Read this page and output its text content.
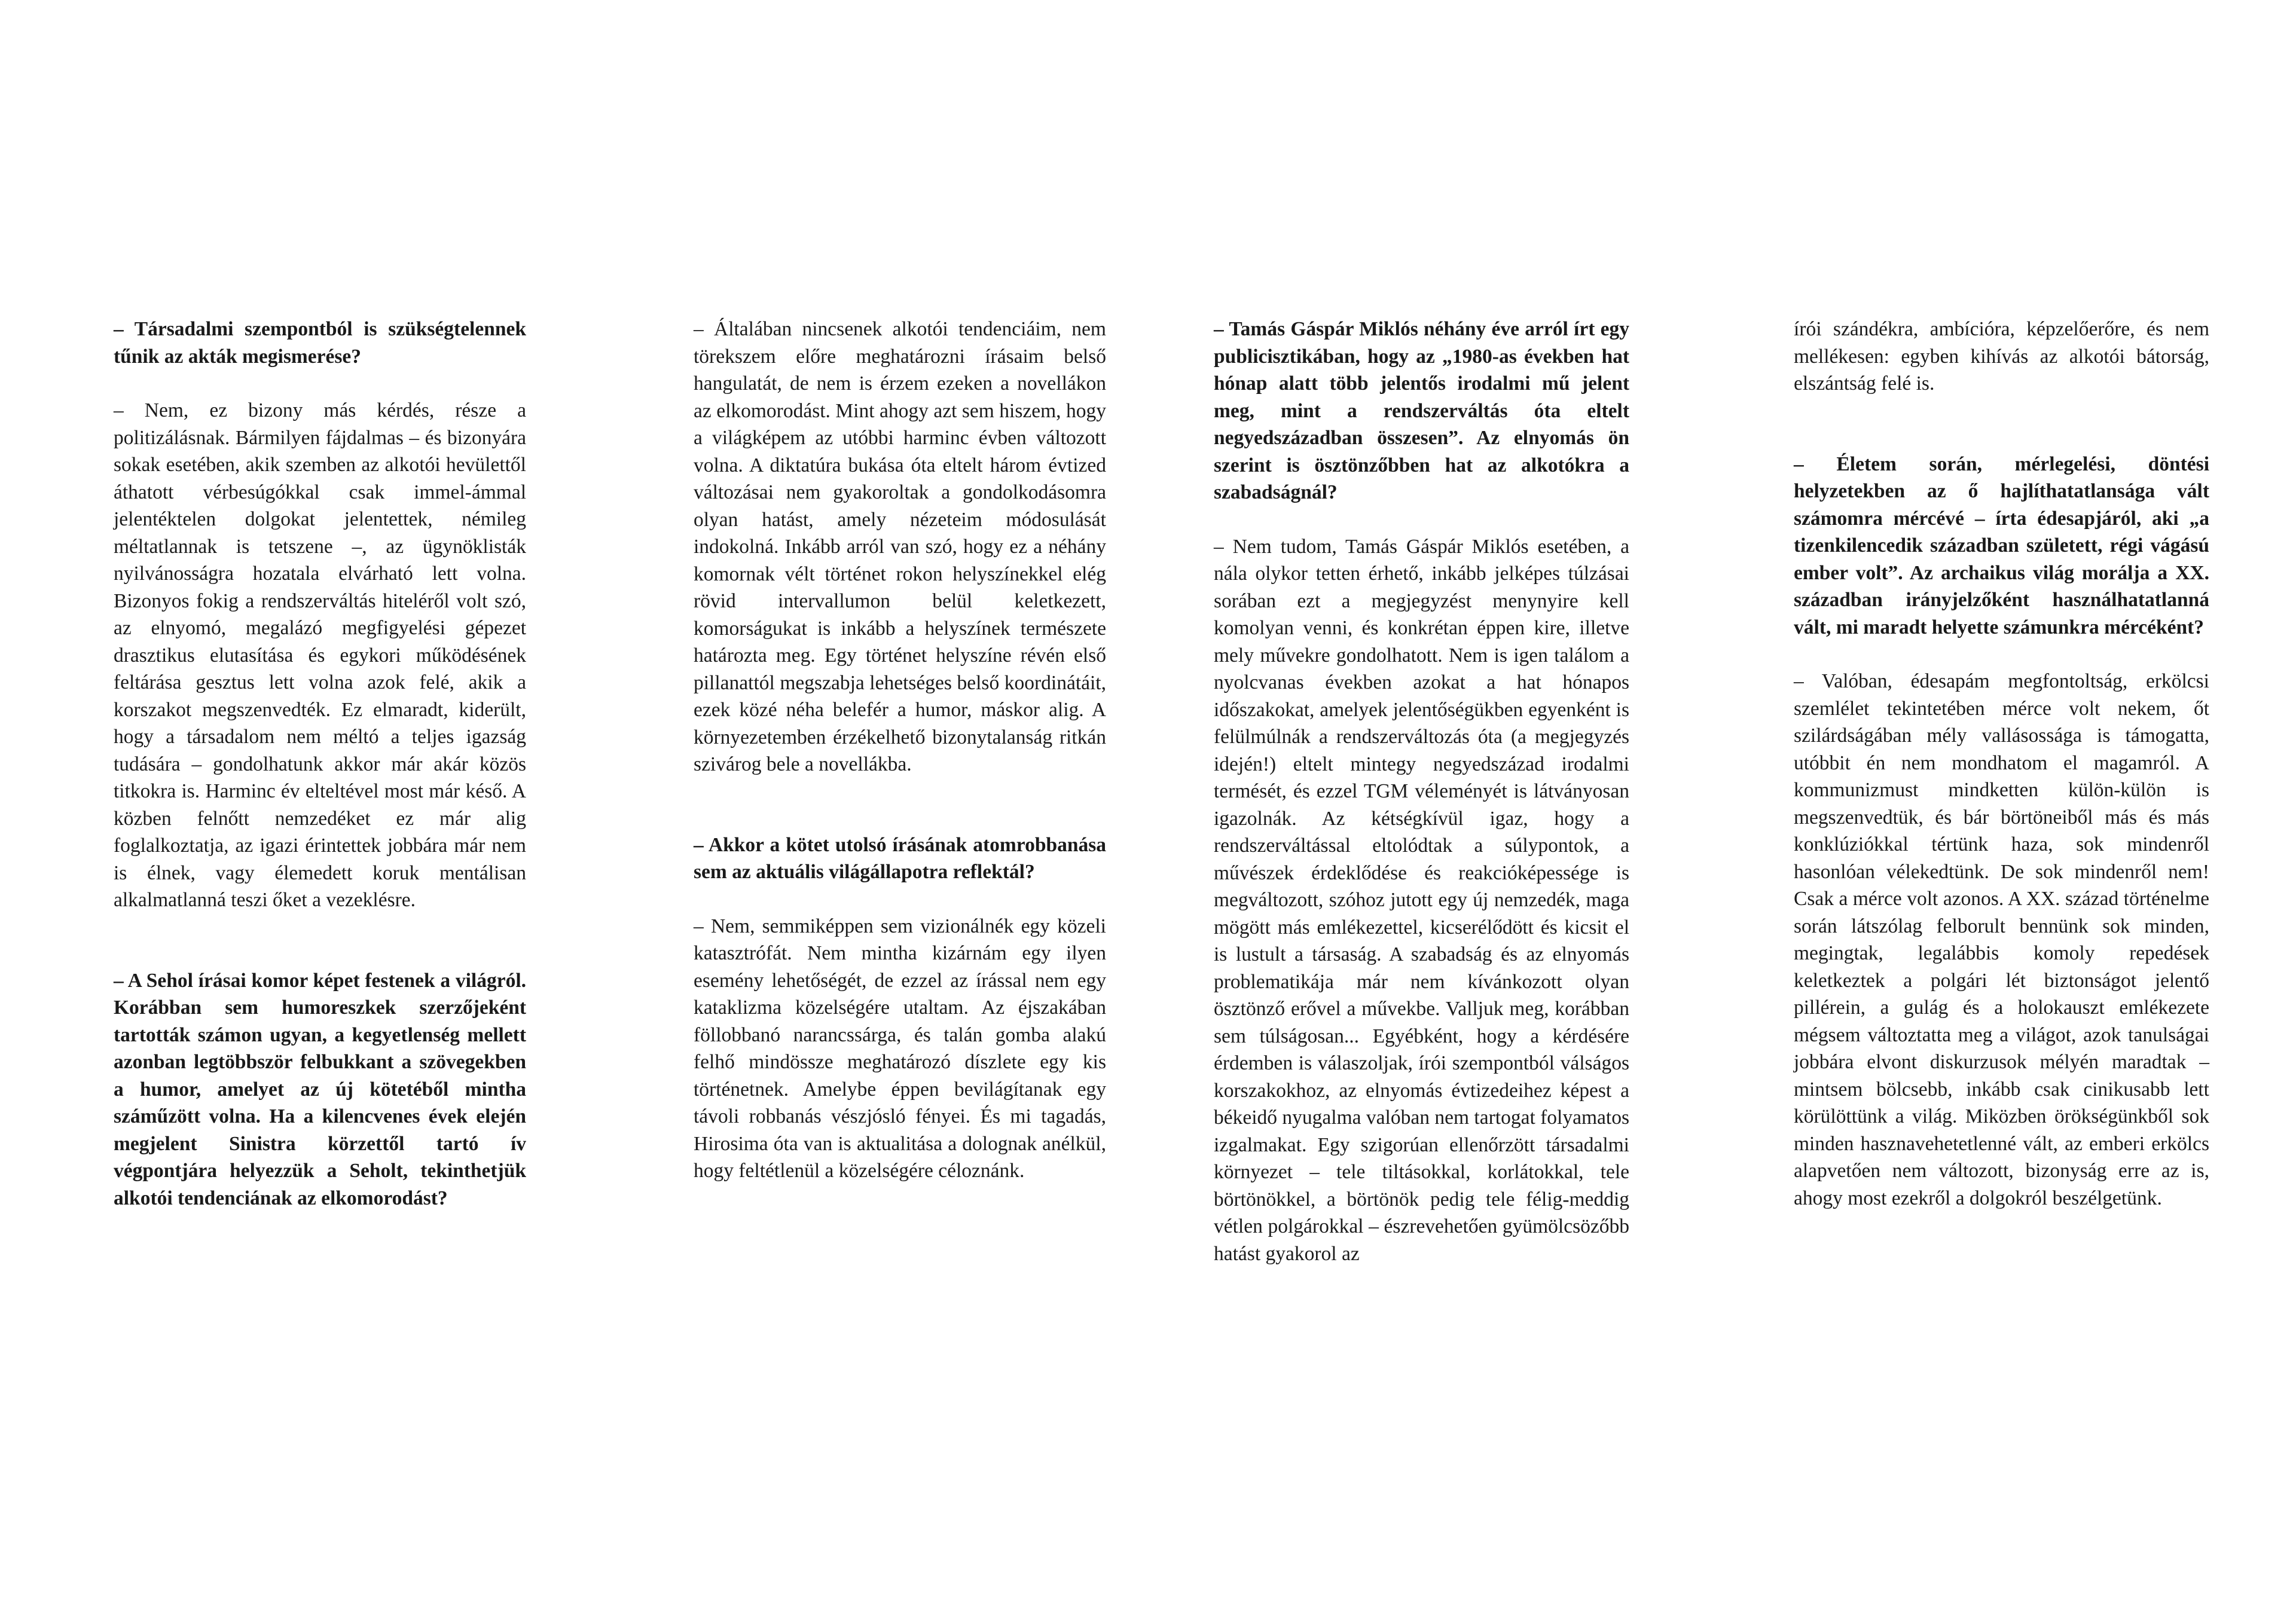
– Társadalmi szempontból is szükségtelennek tűnik az akták megismerése?

– Nem, ez bizony más kérdés, része a politizálásnak. Bármilyen fájdalmas – és bizonyára sokak esetében, akik szemben az alkotói hevülettől áthatott vérbesúgókkal csak immel-ámmal jelentéktelen dolgokat jelentettek, némileg méltatlannak is tetszene –, az ügynöklisták nyilvánosságra hozatala elvárható lett volna. Bizonyos fokig a rendszerváltás hiteléről volt szó, az elnyomó, megalázó megfigyelési gépezet drasztikus elutasítása és egykori működésének feltárása gesztus lett volna azok felé, akik a korszakot megszenvedték. Ez elmaradt, kiderült, hogy a társadalom nem méltó a teljes igazság tudására – gondolhatunk akkor már akár közös titkokra is. Harminc év elteltével most már késő. A közben felnőtt nemzedéket ez már alig foglalkoztatja, az igazi érintettek jobbára már nem is élnek, vagy élemedett koruk mentálisan alkalmatlanná teszi őket a vezeklésre.

– A Sehol írásai komor képet festenek a világról. Korábban sem humoreszkek szerzőjeként tartották számon ugyan, a kegyetlenség mellett azonban legtöbbször felbukkant a szövegekben a humor, amelyet az új kötetéből mintha száműzött volna. Ha a kilencvenes évek elején megjelent Sinistra körzettől tartó ív végpontjára helyezzük a Seholt, tekinthetjük alkotói tendenciának az elkomorodást?

– Általában nincsenek alkotói tendenciáim, nem törekszem előre meghatározni írásaim belső hangulatát, de nem is érzem ezeken a novellákon az elkomorodást. Mint ahogy azt sem hiszem, hogy a világképem az utóbbi harminc évben változott volna. A diktatúra bukása óta eltelt három évtized változásai nem gyakoroltak a gondolkodásomra olyan hatást, amely nézeteim módosulását indokolná. Inkább arról van szó, hogy ez a néhány komornak vélt történet rokon helyszínekkel elég rövid intervallumon belül keletkezett, komorságukat is inkább a helyszínek természete határozta meg. Egy történet helyszíne révén első pillanattól megszabja lehetséges belső koordinátáit, ezek közé néha belefér a humor, máskor alig. A környezetemben érzékelhető bizonytalanság ritkán szivárog bele a novellákba.

– Akkor a kötet utolsó írásának atomrobbanása sem az aktuális világállapotra reflektál?

– Nem, semmiképpen sem vizionálnék egy közeli katasztrófát. Nem mintha kizárnám egy ilyen esemény lehetőségét, de ezzel az írással nem egy kataklizma közelségére utaltam. Az éjszakában föllobbanó narancssárga, és talán gomba alakú felhő mindössze meghatározó díszlete egy kis történetnek. Amelybe éppen bevilágítanak egy távoli robbanás vészjósló fényei. És mi tagadás, Hirosima óta van is aktualitása a dolognak anélkül, hogy feltétlenül a közelségére céloznánk.

– Tamás Gáspár Miklós néhány éve arról írt egy publicisztikában, hogy az „1980-as években hat hónap alatt több jelentős irodalmi mű jelent meg, mint a rendszerváltás óta eltelt negyedszázadban összesen”. Az elnyomás ön szerint is ösztönzőbben hat az alkotókra a szabadságnál?

– Nem tudom, Tamás Gáspár Miklós esetében, a nála olykor tetten érhető, inkább jelképes túlzásai sorában ezt a megjegyzést menynyire kell komolyan venni, és konkrétan éppen kire, illetve mely művekre gondolhatott. Nem is igen találom a nyolcvanas években azokat a hat hónapos időszakokat, amelyek jelentőségükben egyenként is felülmúlnák a rendszerváltozás óta (a megjegyzés idején!) eltelt mintegy negyedszázad irodalmi termését, és ezzel TGM véleményét is látványosan igazolnák. Az kétségkívül igaz, hogy a rendszerváltással eltolódtak a súlypontok, a művészek érdeklődése és reakcióképessége is megváltozott, szóhoz jutott egy új nemzedék, maga mögött más emlékezettel, kicserélődött és kicsit el is lustult a társaság. A szabadság és az elnyomás problematikája már nem kívánkozott olyan ösztönző erővel a művekbe. Valljuk meg, korábban sem túlságosan... Egyébként, hogy a kérdésére érdemben is válaszoljak, írói szempontból válságos korszakokhoz, az elnyomás évtizedeihez képest a békeidő nyugalma valóban nem tartogat folyamatos izgalmakat. Egy szigorúan ellenőrzött társadalmi környezet – tele tiltásokkal, korlátokkal, tele börtönökkel, a börtönök pedig tele félig-meddig vétlen polgárokkal – észrevehetően gyümölcsözőbb hatást gyakorol az

írói szándékra, ambícióra, képzelőerőre, és nem mellékesen: egyben kihívás az alkotói bátorság, elszántság felé is.

– Életem során, mérlegelési, döntési helyzetekben az ő hajlíthatatlansága vált számomra mércévé – írta édesapjáról, aki „a tizenkilencedik században született, régi vágású ember volt”. Az archaikus világ morálja a XX. században irányjelzőként használhatatlanná vált, mi maradt helyette számunkra mércéként?

– Valóban, édesapám megfontoltság, erkölcsi szemlélet tekintetében mérce volt nekem, őt szilárdságában mély vallásossága is támogatta, utóbbit én nem mondhatom el magamról. A kommunizmust mindketten külön-külön is megszenvedtük, és bár börtöneiből más és más konklúziókkal tértünk haza, sok mindenről hasonlóan vélekedtünk. De sok mindenről nem! Csak a mérce volt azonos. A XX. század történelme során látszólag felborult bennünk sok minden, megingtak, legalábbis komoly repedések keletkeztek a polgári lét biztonságot jelentő pillérein, a gulág és a holokauszt emlékezete mégsem változtatta meg a világot, azok tanulságai jobbára elvont diskurzusok mélyén maradtak – mintsem bölcsebb, inkább csak cinikusabb lett körülöttünk a világ. Miközben örökségünkből sok minden hasznavehetetlenné vált, az emberi erkölcs alapvetően nem változott, bizonyság erre az is, ahogy most ezekről a dolgokról beszélgetünk.
